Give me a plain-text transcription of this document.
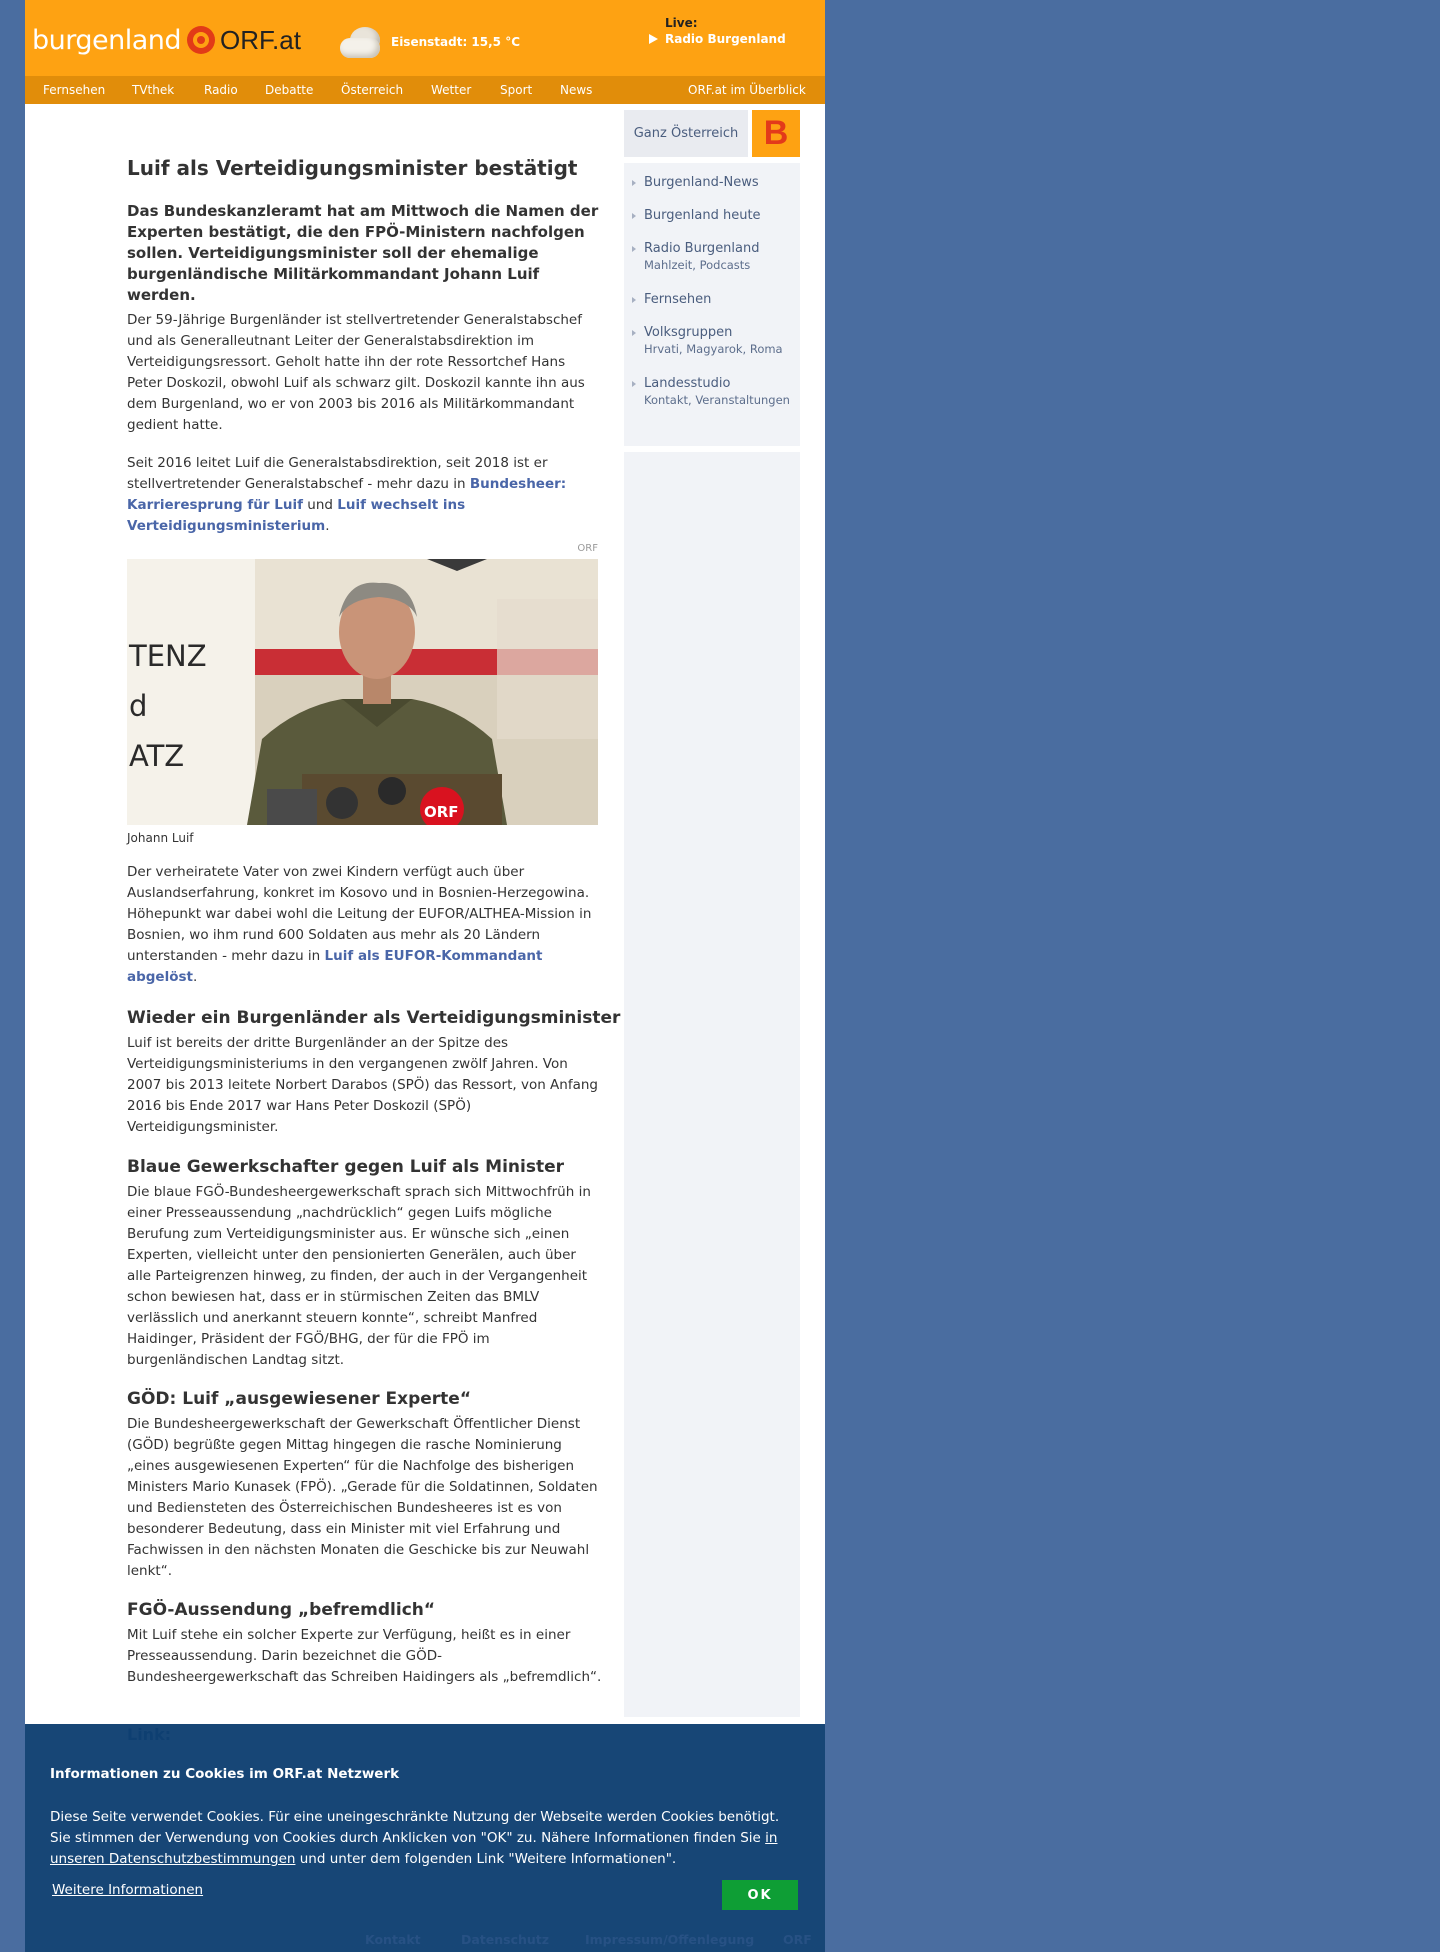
burgenland ORF.at	Eisenstadt: 15,5 °C
Live:
Radio Burgenland
Fernsehen TVthek Radio Debatte Österreich Wetter Sport News	ORF.at im Überblick
Luif als Verteidigungsminister bestätigt

Das Bundeskanzleramt hat am Mittwoch die Namen der Experten bestätigt, die den FPÖ-Ministern nachfolgen sollen. Verteidigungsminister soll der ehemalige burgenländische Militärkommandant Johann Luif werden.

Der 59-Jährige Burgenländer ist stellvertretender Generalstabschef und als Generalleutnant Leiter der Generalstabsdirektion im Verteidigungsressort. Geholt hatte ihn der rote Ressortchef Hans Peter Doskozil, obwohl Luif als schwarz gilt. Doskozil kannte ihn aus dem Burgenland, wo er von 2003 bis 2016 als Militärkommandant gedient hatte.

Seit 2016 leitet Luif die Generalstabsdirektion, seit 2018 ist er stellvertretender Generalstabschef - mehr dazu in Bundesheer: Karrieresprung für Luif und Luif wechselt ins Verteidigungsministerium.

ORF
TENZ
d
ATZ
ORF
Johann Luif

Der verheiratete Vater von zwei Kindern verfügt auch über Auslandserfahrung, konkret im Kosovo und in Bosnien-Herzegowina. Höhepunkt war dabei wohl die Leitung der EUFOR/ALTHEA-Mission in Bosnien, wo ihm rund 600 Soldaten aus mehr als 20 Ländern unterstanden - mehr dazu in Luif als EUFOR-Kommandant abgelöst.

Wieder ein Burgenländer als Verteidigungsminister

Luif ist bereits der dritte Burgenländer an der Spitze des Verteidigungsministeriums in den vergangenen zwölf Jahren. Von 2007 bis 2013 leitete Norbert Darabos (SPÖ) das Ressort, von Anfang 2016 bis Ende 2017 war Hans Peter Doskozil (SPÖ) Verteidigungsminister.

Blaue Gewerkschafter gegen Luif als Minister

Die blaue FGÖ-Bundesheergewerkschaft sprach sich Mittwochfrüh in einer Presseaussendung „nachdrücklich“ gegen Luifs mögliche Berufung zum Verteidigungsminister aus. Er wünsche sich „einen Experten, vielleicht unter den pensionierten Generälen, auch über alle Parteigrenzen hinweg, zu finden, der auch in der Vergangenheit schon bewiesen hat, dass er in stürmischen Zeiten das BMLV verlässlich und anerkannt steuern konnte“, schreibt Manfred Haidinger, Präsident der FGÖ/BHG, der für die FPÖ im burgenländischen Landtag sitzt.

GÖD: Luif „ausgewiesener Experte“

Die Bundesheergewerkschaft der Gewerkschaft Öffentlicher Dienst (GÖD) begrüßte gegen Mittag hingegen die rasche Nominierung „eines ausgewiesenen Experten“ für die Nachfolge des bisherigen Ministers Mario Kunasek (FPÖ). „Gerade für die Soldatinnen, Soldaten und Bediensteten des Österreichischen Bundesheeres ist es von besonderer Bedeutung, dass ein Minister mit viel Erfahrung und Fachwissen in den nächsten Monaten die Geschicke bis zur Neuwahl lenkt“.

FGÖ-Aussendung „befremdlich“

Mit Luif stehe ein solcher Experte zur Verfügung, heißt es in einer Presseaussendung. Darin bezeichnet die GÖD-Bundesheergewerkschaft das Schreiben Haidingers als „befremdlich“.

Ganz Österreich B
Burgenland-News
Burgenland heute
Radio Burgenland
Mahlzeit, Podcasts
Fernsehen
Volksgruppen
Hrvati, Magyarok, Roma
Landesstudio
Kontakt, Veranstaltungen
Informationen zu Cookies im ORF.at Netzwerk

Diese Seite verwendet Cookies. Für eine uneingeschränkte Nutzung der Webseite werden Cookies benötigt. Sie stimmen der Verwendung von Cookies durch Anklicken von "OK" zu. Nähere Informationen finden Sie in unseren Datenschutzbestimmungen und unter dem folgenden Link "Weitere Informationen".

Weitere Informationen	OK
Kontakt	Datenschutz	Impressum/Offenlegung ORF
